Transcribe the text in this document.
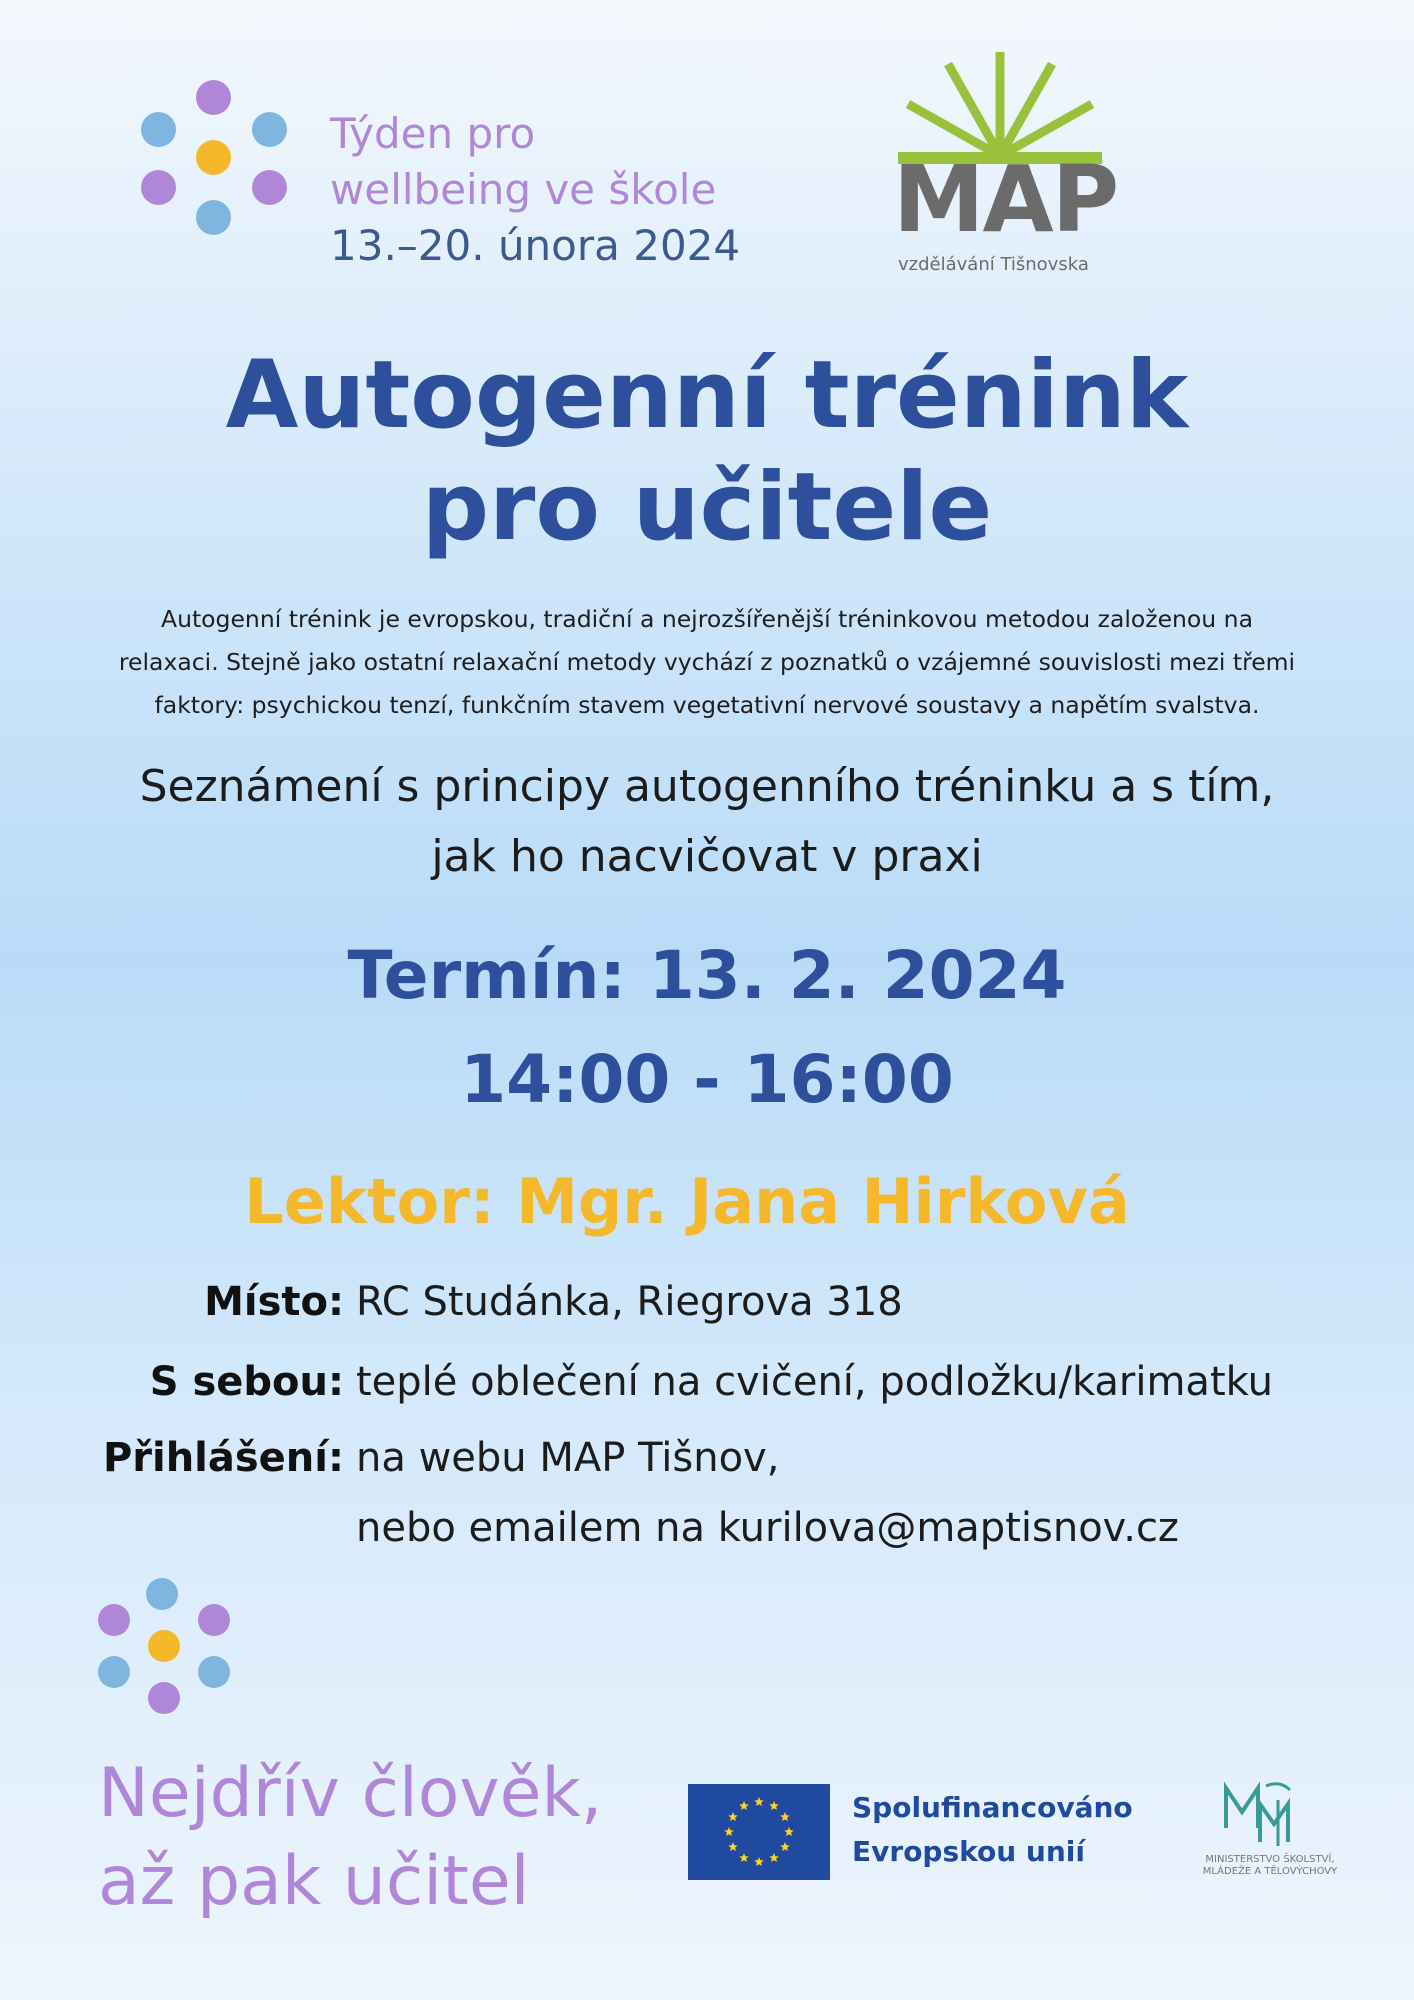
Týden pro
wellbeing ve škole
13.–20. února 2024 MAP
vzdělávání Tišnovska
Autogenní trénink
pro učitele
Autogenní trénink je evropskou, tradiční a nejrozšířenější tréninkovou metodou založenou na
relaxaci. Stejně jako ostatní relaxační metody vychází z poznatků o vzájemné souvislosti mezi třemi
faktory: psychickou tenzí, funkčním stavem vegetativní nervové soustavy a napětím svalstva.
Seznámení s principy autogenního tréninku a s tím,
jak ho nacvičovat v praxi
Termín: 13. 2. 2024
14:00 - 16:00
Lektor: Mgr. Jana Hirková
Místo: RC Studánka, Riegrova 318
S sebou: teplé oblečení na cvičení, podložku/karimatku
Přihlášení: na webu MAP Tišnov,
nebo emailem na kurilova@maptisnov.cz
Nejdřív člověk,
až pak učitel
Spolufinancováno
Evropskou unií	MINISTERSTVO ŠKOLSTVÍ,
MLÁDEŽE A TĚLOVÝCHOVY
